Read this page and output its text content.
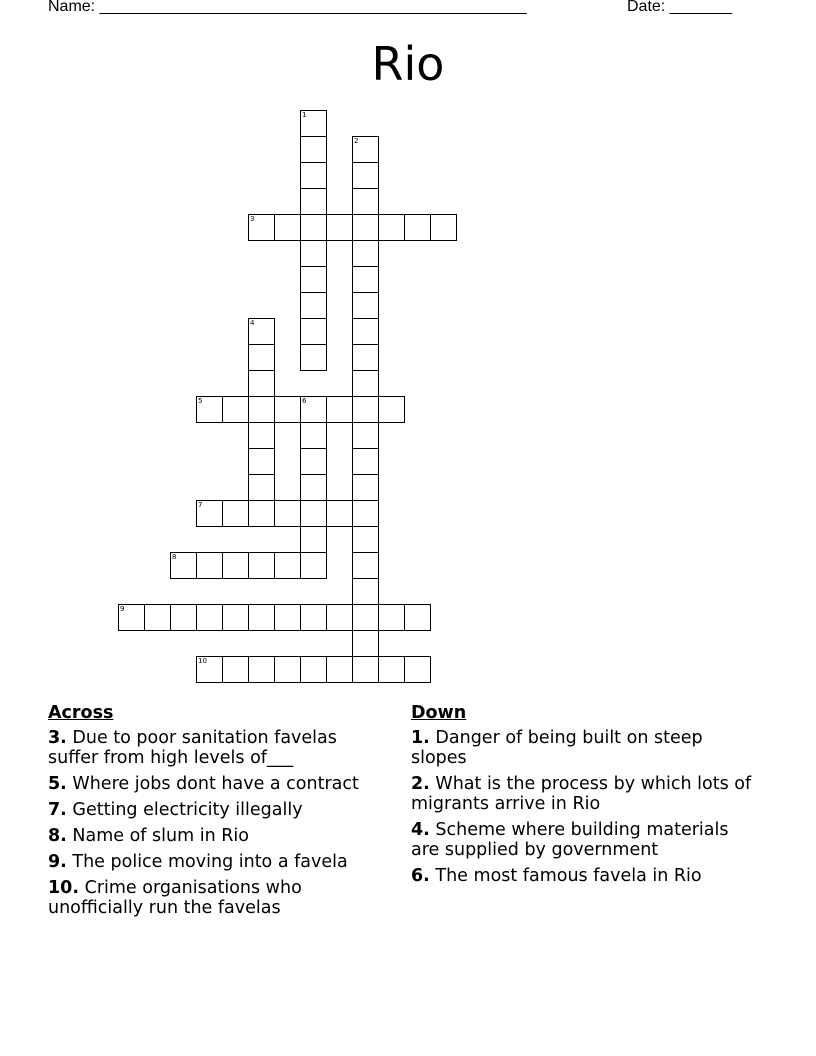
Name: ________________________________________________	Date: _______
Rio
1
2
3
4
5	6
7
8
9
10
Across
3. Due to poor sanitation favelas suffer from high levels of___
5. Where jobs dont have a contract
7. Getting electricity illegally
8. Name of slum in Rio
9. The police moving into a favela
10. Crime organisations who unofficially run the favelas
Down
1. Danger of being built on steep slopes
2. What is the process by which lots of migrants arrive in Rio
4. Scheme where building materials are supplied by government
6. The most famous favela in Rio
